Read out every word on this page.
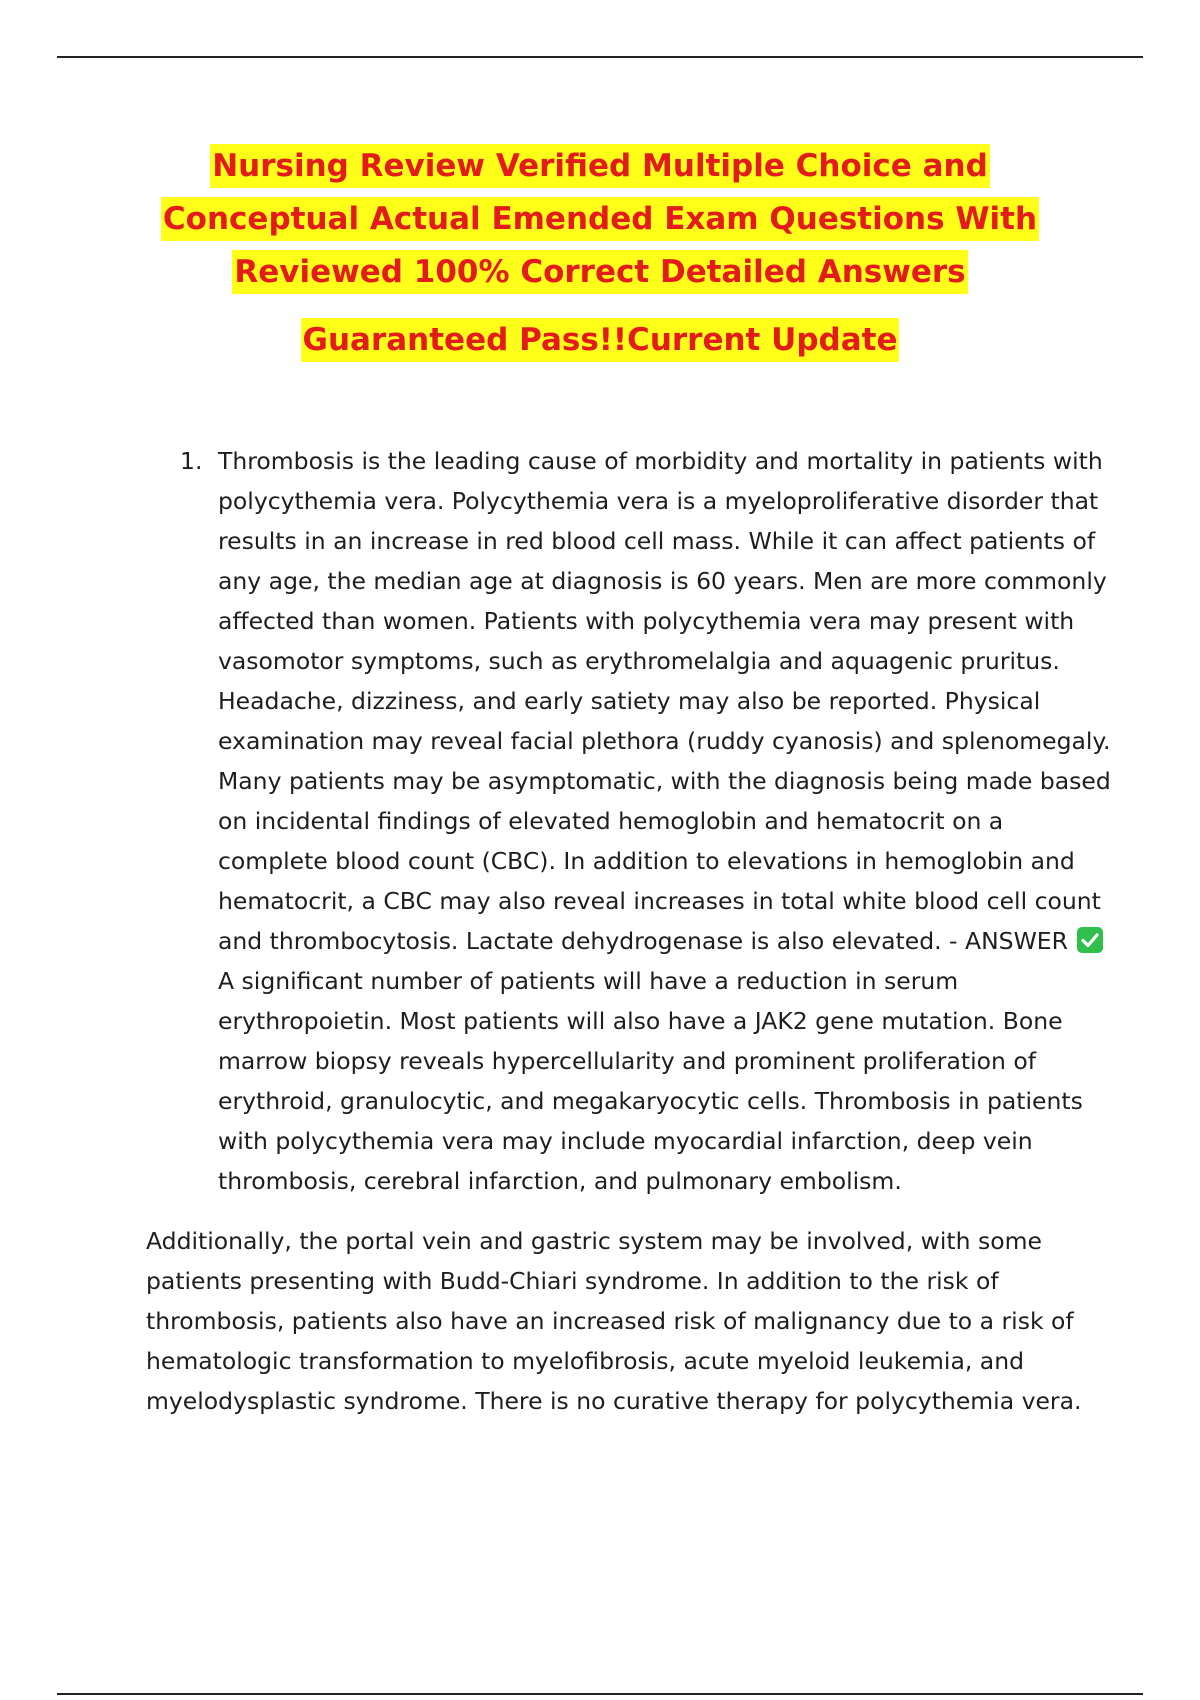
Nursing Review Verified Multiple Choice and
Conceptual Actual Emended Exam Questions With
Reviewed 100% Correct Detailed Answers
Guaranteed Pass!!Current Update
1. Thrombosis is the leading cause of morbidity and mortality in patients with
polycythemia vera. Polycythemia vera is a myeloproliferative disorder that
results in an increase in red blood cell mass. While it can affect patients of
any age, the median age at diagnosis is 60 years. Men are more commonly
affected than women. Patients with polycythemia vera may present with
vasomotor symptoms, such as erythromelalgia and aquagenic pruritus.
Headache, dizziness, and early satiety may also be reported. Physical
examination may reveal facial plethora (ruddy cyanosis) and splenomegaly.
Many patients may be asymptomatic, with the diagnosis being made based
on incidental findings of elevated hemoglobin and hematocrit on a
complete blood count (CBC). In addition to elevations in hemoglobin and
hematocrit, a CBC may also reveal increases in total white blood cell count
and thrombocytosis. Lactate dehydrogenase is also elevated. - ANSWER
A significant number of patients will have a reduction in serum
erythropoietin. Most patients will also have a JAK2 gene mutation. Bone
marrow biopsy reveals hypercellularity and prominent proliferation of
erythroid, granulocytic, and megakaryocytic cells. Thrombosis in patients
with polycythemia vera may include myocardial infarction, deep vein
thrombosis, cerebral infarction, and pulmonary embolism.
Additionally, the portal vein and gastric system may be involved, with some
patients presenting with Budd-Chiari syndrome. In addition to the risk of
thrombosis, patients also have an increased risk of malignancy due to a risk of
hematologic transformation to myelofibrosis, acute myeloid leukemia, and
myelodysplastic syndrome. There is no curative therapy for polycythemia vera.
